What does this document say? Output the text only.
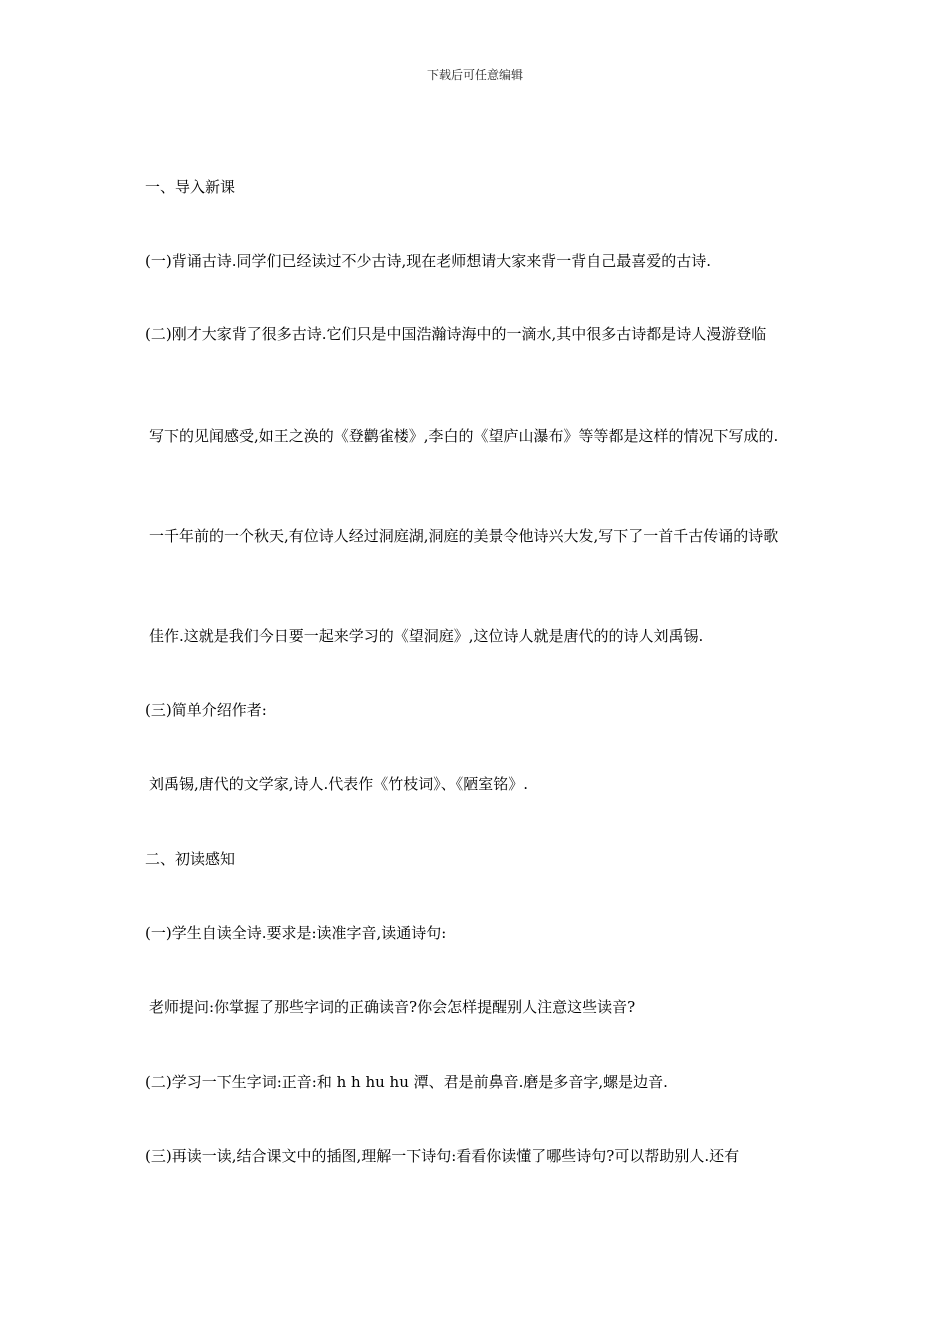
下载后可任意编辑
一、导入新课
(一)背诵古诗.同学们已经读过不少古诗,现在老师想请大家来背一背自己最喜爱的古诗.
(二)刚才大家背了很多古诗.它们只是中国浩瀚诗海中的一滴水,其中很多古诗都是诗人漫游登临
写下的见闻感受,如王之涣的《登鹳雀楼》,李白的《望庐山瀑布》等等都是这样的情况下写成的.
一千年前的一个秋天,有位诗人经过洞庭湖,洞庭的美景令他诗兴大发,写下了一首千古传诵的诗歌
佳作.这就是我们今日要一起来学习的《望洞庭》,这位诗人就是唐代的的诗人刘禹锡.
(三)简单介绍作者:
刘禹锡,唐代的文学家,诗人.代表作《竹枝词》、《陋室铭》.
二、初读感知
(一)学生自读全诗.要求是:读准字音,读通诗句:
老师提问:你掌握了那些字词的正确读音?你会怎样提醒别人注意这些读音?
(二)学习一下生字词:正音:和 h h hu hu 潭、君是前鼻音.磨是多音字,螺是边音.
(三)再读一读,结合课文中的插图,理解一下诗句:看看你读懂了哪些诗句?可以帮助别人.还有
